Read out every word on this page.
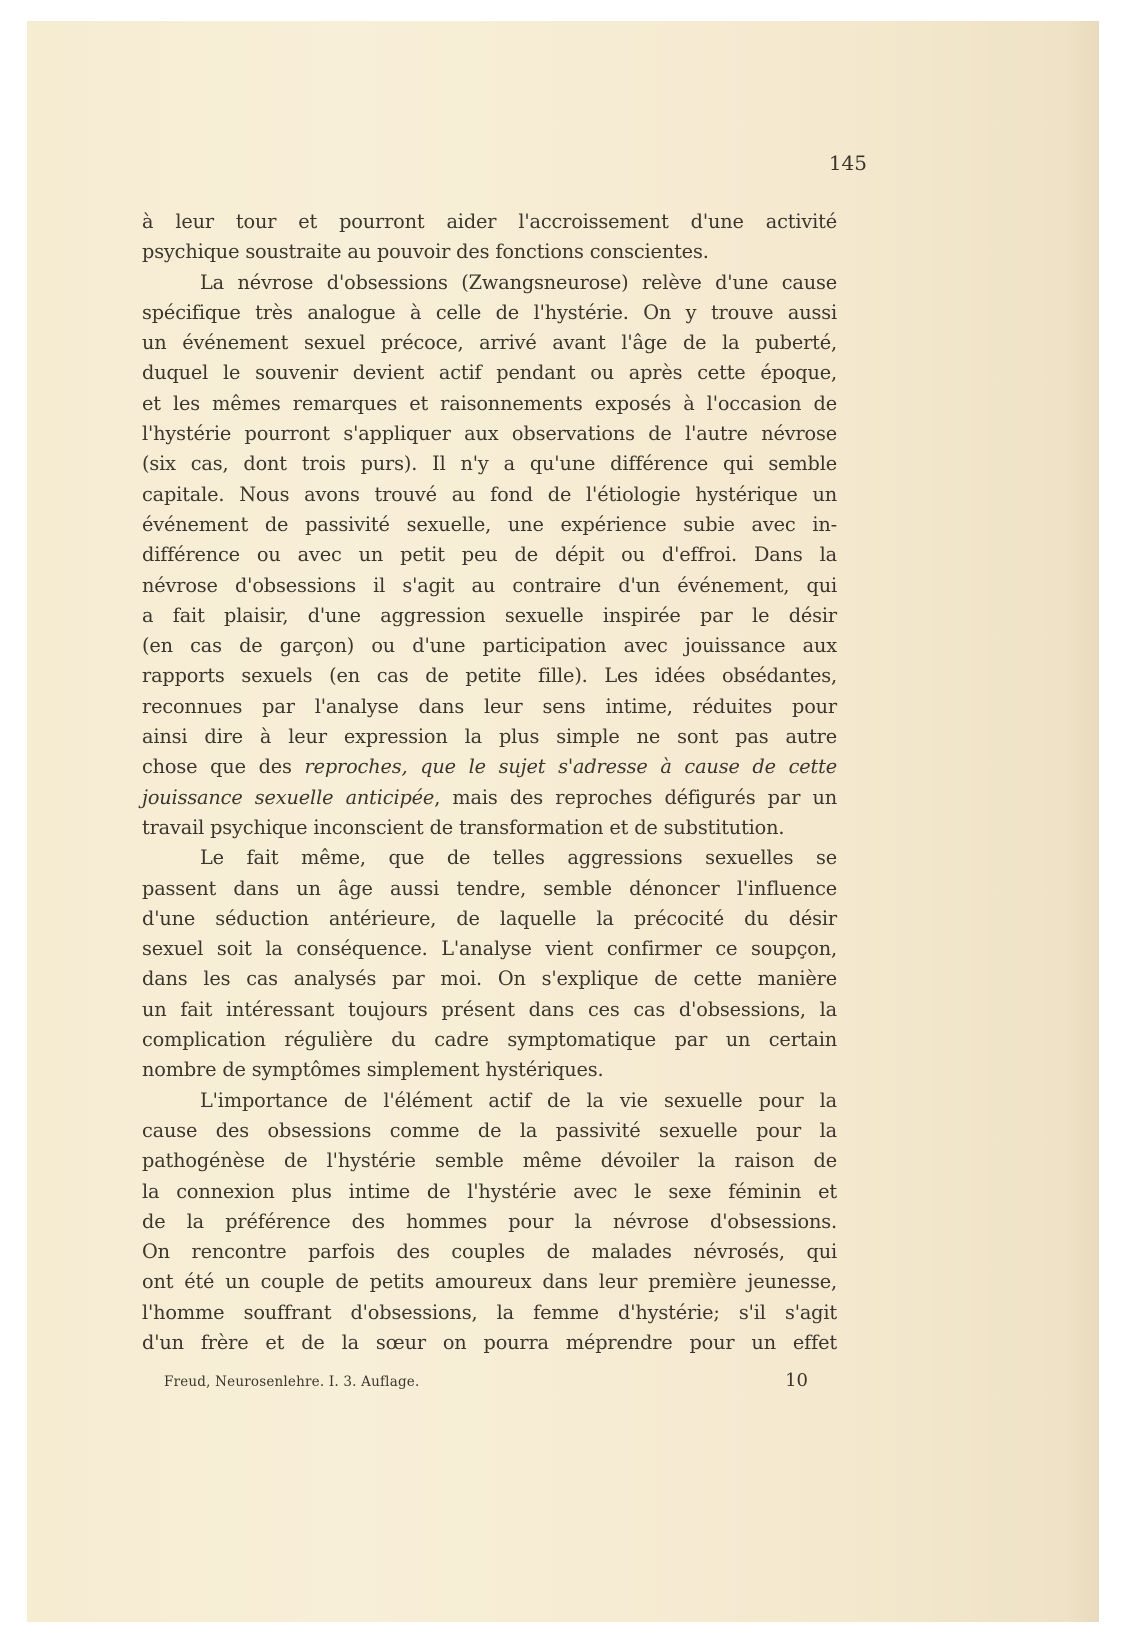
145
à leur tour et pourront aider l'accroissement d'une activité
psychique soustraite au pouvoir des fonctions conscientes.
La névrose d'obsessions (Zwangsneurose) relève d'une cause
spécifique très analogue à celle de l'hystérie. On y trouve aussi
un événement sexuel précoce, arrivé avant l'âge de la puberté,
duquel le souvenir devient actif pendant ou après cette époque,
et les mêmes remarques et raisonnements exposés à l'occasion de
l'hystérie pourront s'appliquer aux observations de l'autre névrose
(six cas, dont trois purs). Il n'y a qu'une différence qui semble
capitale. Nous avons trouvé au fond de l'étiologie hystérique un
événement de passivité sexuelle, une expérience subie avec in-
différence ou avec un petit peu de dépit ou d'effroi. Dans la
névrose d'obsessions il s'agit au contraire d'un événement, qui
a fait plaisir, d'une aggression sexuelle inspirée par le désir
(en cas de garçon) ou d'une participation avec jouissance aux
rapports sexuels (en cas de petite fille). Les idées obsédantes,
reconnues par l'analyse dans leur sens intime, réduites pour
ainsi dire à leur expression la plus simple ne sont pas autre
chose que des reproches, que le sujet s'adresse à cause de cette
jouissance sexuelle anticipée, mais des reproches défigurés par un
travail psychique inconscient de transformation et de substitution.
Le fait même, que de telles aggressions sexuelles se
passent dans un âge aussi tendre, semble dénoncer l'influence
d'une séduction antérieure, de laquelle la précocité du désir
sexuel soit la conséquence. L'analyse vient confirmer ce soupçon,
dans les cas analysés par moi. On s'explique de cette manière
un fait intéressant toujours présent dans ces cas d'obsessions, la
complication régulière du cadre symptomatique par un certain
nombre de symptômes simplement hystériques.
L'importance de l'élément actif de la vie sexuelle pour la
cause des obsessions comme de la passivité sexuelle pour la
pathogénèse de l'hystérie semble même dévoiler la raison de
la connexion plus intime de l'hystérie avec le sexe féminin et
de la préférence des hommes pour la névrose d'obsessions.
On rencontre parfois des couples de malades névrosés, qui
ont été un couple de petits amoureux dans leur première jeunesse,
l'homme souffrant d'obsessions, la femme d'hystérie; s'il s'agit
d'un frère et de la sœur on pourra méprendre pour un effet
Freud, Neurosenlehre. I. 3. Auflage.	10
